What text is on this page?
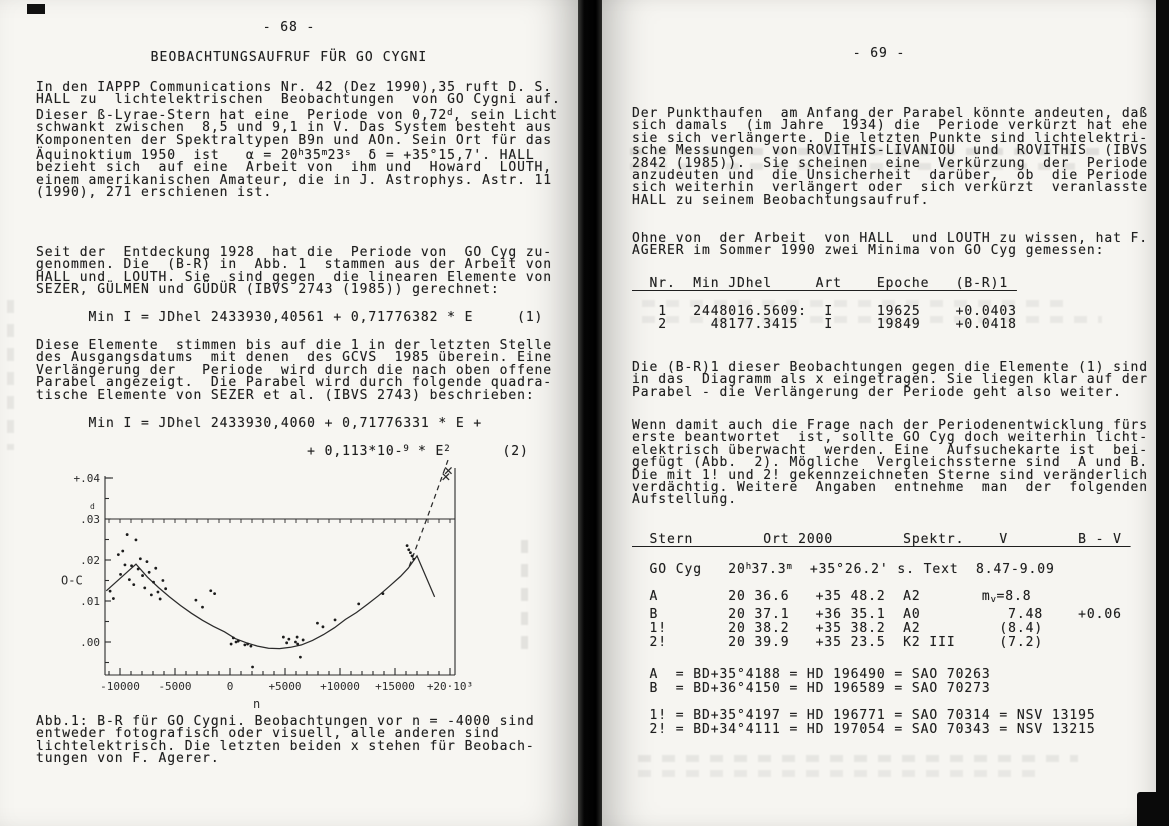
- 68 -
BEOBACHTUNGSAUFRUF FÜR GO CYGNI
In den IAPPP Communications Nr. 42 (Dez 1990),35 ruft D. S.
HALL zu  lichtelektrischen  Beobachtungen  von GO Cygni auf.
Dieser ß-Lyrae-Stern hat eine  Periode von 0,72$^d$, sein Licht
schwankt zwischen  8,5 und 9,1 in V. Das System besteht aus
Komponenten der Spektraltypen B9n und AOn. Sein Ort für das
Äquinoktium 1950  ist   $\alpha = 20^h35^m23^s$  δ = +35°15,7'. HALL
bezieht sich  auf eine  Arbeit von  ihm und  Howard  LOUTH,
einem amerikanischen Amateur, die in J. Astrophys. Astr. 11
(1990), 271 erschienen ist.
Seit der  Entdeckung 1928  hat die  Periode von  GO Cyg zu-
genommen. Die  (B-R) in  Abb. 1  stammen aus der Arbeit von
HALL und  LOUTH. Sie  sind gegen  die linearen Elemente von
SEZER, GÜLMEN und GÜDÜR (IBVS 2743 (1985)) gerechnet:
Min I = JDhel 2433930,40561 + 0,71776382 * E     (1)
Diese Elemente  stimmen bis auf die 1 in der letzten Stelle
des Ausgangsdatums  mit denen  des GCVS  1985 überein. Eine
Verlängerung der   Periode  wird durch die nach oben offene
Parabel angezeigt.  Die Parabel wird durch folgende quadra-
tische Elemente von SEZER et al. (IBVS 2743) beschrieben:
Min I = JDhel 2433930,4060 + 0,71776331 * E +

+ $0,113*10-^9 * E^2$      (2)
-10000 -5000	0	+5000 +10000 +15000 +20·10³
.00
.01
.02
.03
+.04
d
O-C
n
Abb.1: B-R für GO Cygni. Beobachtungen vor n = -4000 sind
entweder fotografisch oder visuell, alle anderen sind
lichtelektrisch. Die letzten beiden x stehen für Beobach-
tungen von F. Agerer.
- 69 -
Der Punkthaufen  am Anfang der Parabel könnte andeuten, daß
sich damals  (im Jahre  1934) die  Periode verkürzt hat ehe
sie sich verlängerte. Die letzten Punkte sind lichtelektri-
sche Messungen  von ROVITHIS-LIVANIOU  und  ROVITHIS  (IBVS
2842 (1985)).  Sie scheinen  eine  Verkürzung  der  Periode
anzudeuten und  die Unsicherheit  darüber,  ob  die Periode
sich weiterhin  verlängert oder  sich verkürzt  veranlasste
HALL zu seinem Beobachtungsaufruf.
Ohne von  der Arbeit  von HALL  und LOUTH zu wissen, hat F.
AGERER im Sommer 1990 zwei Minima von GO Cyg gemessen:
Nr.  Min JDhel     Art    Epoche   (B-R)1

1   2448016.5609:  I     19625    +0.0403
2     48177.3415   I     19849    +0.0418

Die (B-R)1 dieser Beobachtungen gegen die Elemente (1) sind
in das  Diagramm als x eingetragen. Sie liegen klar auf der
Parabel - die Verlängerung der Periode geht also weiter.
Wenn damit auch die Frage nach der Periodenentwicklung fürs
erste beantwortet  ist, sollte GO Cyg doch weiterhin licht-
elektrisch überwacht  werden. Eine  Aufsuchekarte ist  bei-
gefügt (Abb.  2). Mögliche  Vergleichssterne sind  A und B.
Die mit 1! und 2! gekennzeichneten Sterne sind veränderlich
verdächtig. Weitere  Angaben  entnehme  man  der  folgenden
Aufstellung.
Stern        Ort 2000        Spektr.    V        B - V

GO Cyg   20$^h$37.3$^m$  +35°26.2' s. Text  8.47-9.09

A        20 36.6   +35 48.2  A2       $m_v=8.8$
B        20 37.1   +36 35.1  A0          7.48    +0.06
1!       20 38.2   +35 38.2  A2         (8.4)
2!       20 39.9   +35 23.5  K2 III     (7.2)

A  = BD+35°4188 = HD 196490 = SAO 70263
B  = BD+36°4150 = HD 196589 = SAO 70273

1! = BD+35°4197 = HD 196771 = SAO 70314 = NSV 13195
2! = BD+34°4111 = HD 197054 = SAO 70343 = NSV 13215
